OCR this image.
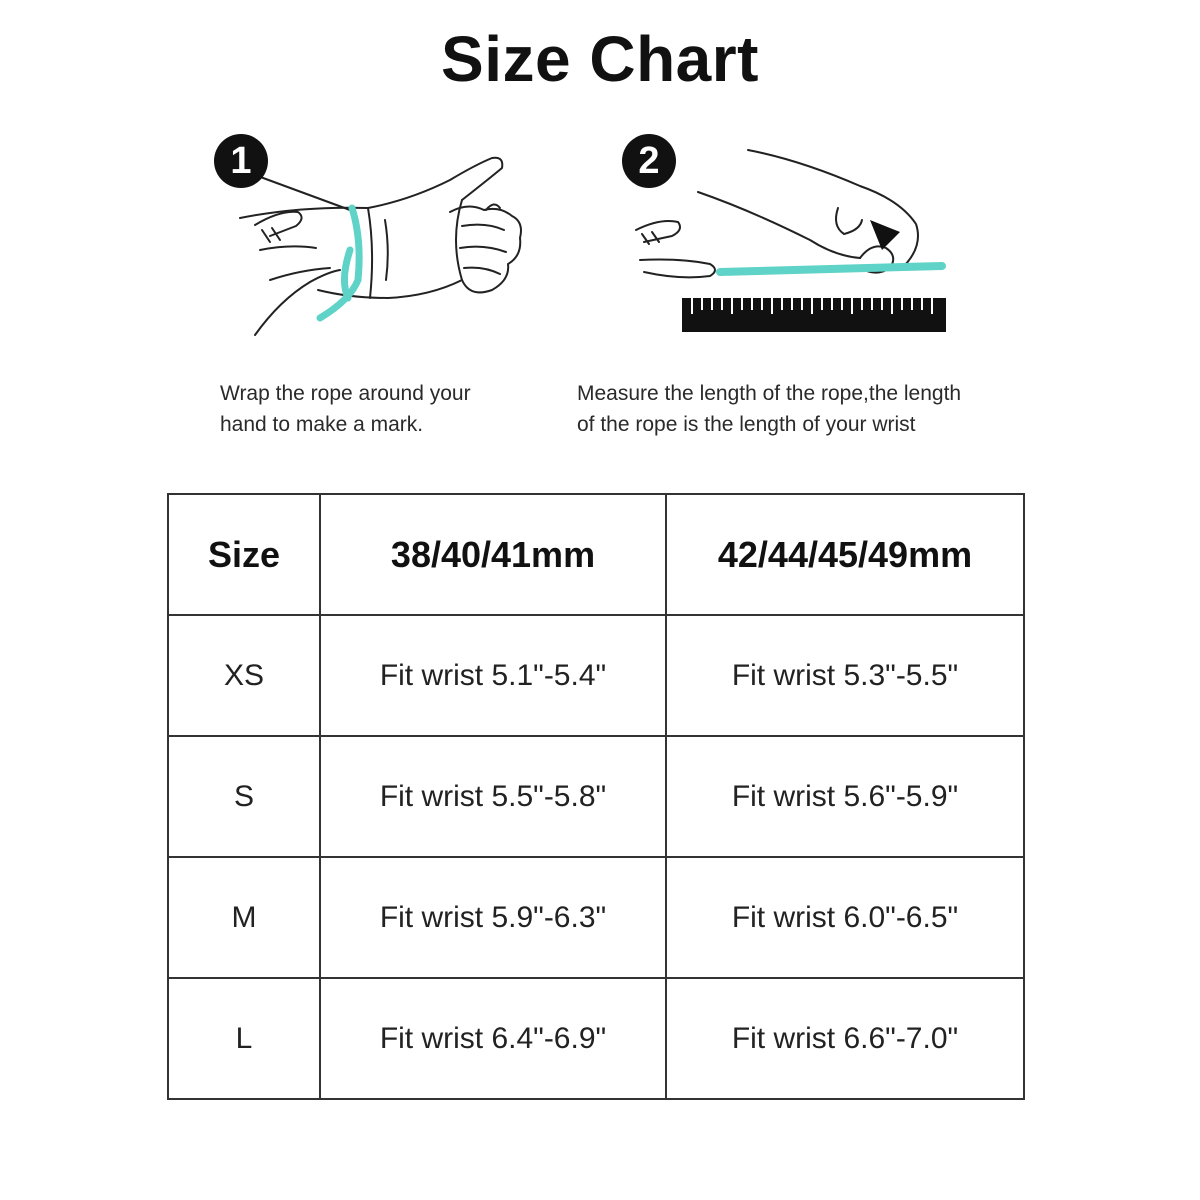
Size Chart
1
Wrap the rope around your
hand to make a mark.
2
Measure the length of the rope,the length
of the rope is the length of your wrist
Size	38/40/41mm	42/44/45/49mm
XS	Fit wrist 5.1"-5.4"	Fit wrist 5.3"-5.5"
S	Fit wrist 5.5"-5.8"	Fit wrist 5.6"-5.9"
M	Fit wrist 5.9"-6.3"	Fit wrist 6.0"-6.5"
L	Fit wrist 6.4"-6.9"	Fit wrist 6.6"-7.0"
